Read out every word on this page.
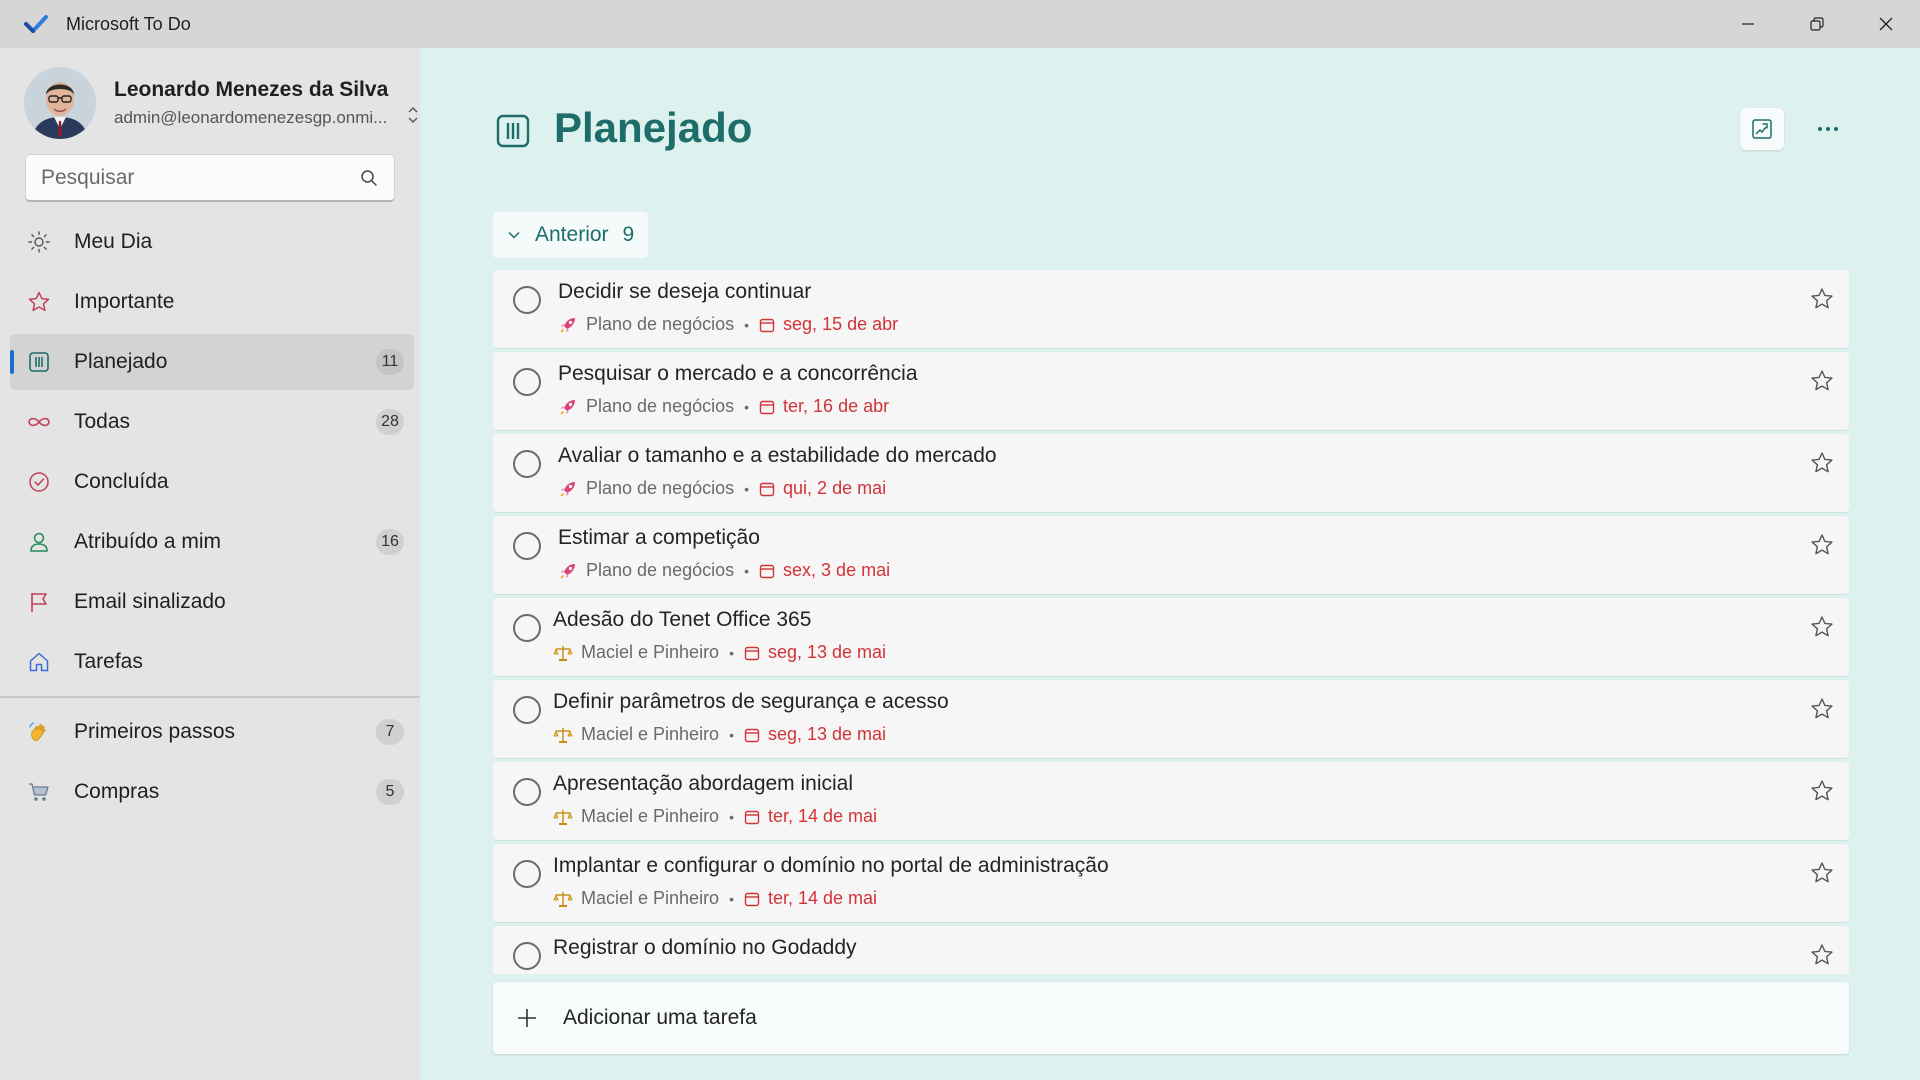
Microsoft To Do
Leonardo Menezes da Silva
admin@leonardomenezesgp.onmi...
Pesquisar
Meu Dia
Importante
Planejado	11
Todas	28
Concluída
Atribuído a mim	16
Email sinalizado
Tarefas
Primeiros passos	7
Compras	5
Planejado
Anterior 9
Decidir se deseja continuar
Plano de negócios • seg, 15 de abr
Pesquisar o mercado e a concorrência
Plano de negócios • ter, 16 de abr
Avaliar o tamanho e a estabilidade do mercado
Plano de negócios • qui, 2 de mai
Estimar a competição
Plano de negócios • sex, 3 de mai
Adesão do Tenet Office 365
Maciel e Pinheiro • seg, 13 de mai
Definir parâmetros de segurança e acesso
Maciel e Pinheiro • seg, 13 de mai
Apresentação abordagem inicial
Maciel e Pinheiro • ter, 14 de mai
Implantar e configurar o domínio no portal de administração
Maciel e Pinheiro • ter, 14 de mai
Registrar o domínio no Godaddy
Adicionar uma tarefa
